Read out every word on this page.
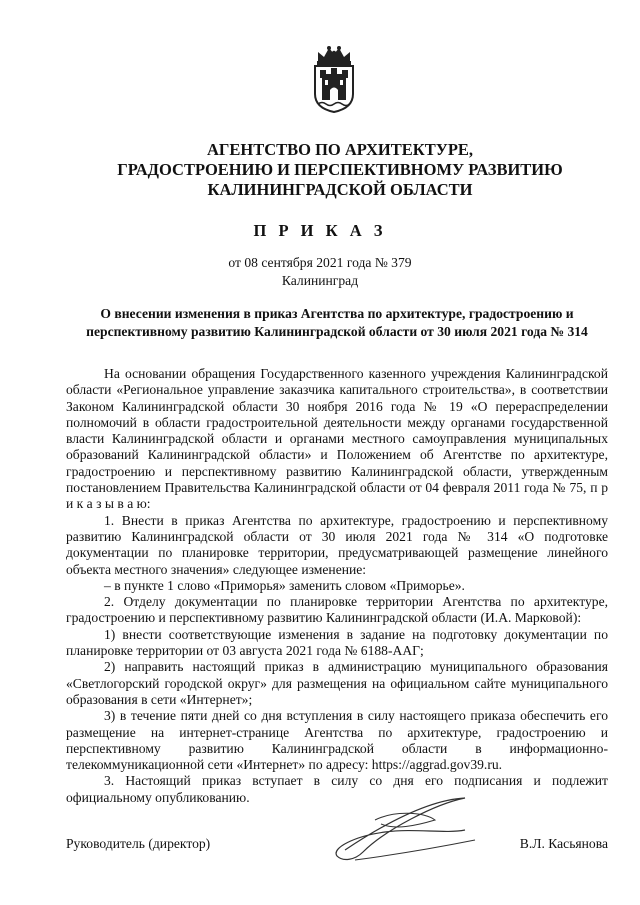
АГЕНТСТВО ПО АРХИТЕКТУРЕ,
ГРАДОСТРОЕНИЮ И ПЕРСПЕКТИВНОМУ РАЗВИТИЮ
КАЛИНИНГРАДСКОЙ ОБЛАСТИ
П Р И К А З
от 08 сентября 2021 года № 379
Калининград
О внесении изменения в приказ Агентства по архитектуре, градостроению и
перспективному развитию Калининградской области от 30 июля 2021 года № 314

На основании обращения Государственного казенного учреждения Калининградской области «Региональное управление заказчика капитального строительства», в соответствии Законом Калининградской области 30 ноября 2016 года № 19 «О перераспределении полномочий в области градостроительной деятельности между органами государственной власти Калининградской области и органами местного самоуправления муниципальных образований Калининградской области» и Положением об Агентстве по архитектуре, градостроению и перспективному развитию Калининградской области, утвержденным постановлением Правительства Калининградской области от 04 февраля 2011 года № 75, п р и к а з ы в а ю:

1. Внести в приказ Агентства по архитектуре, градостроению и перспективному развитию Калининградской области от 30 июля 2021 года № 314 «О подготовке документации по планировке территории, предусматривающей размещение линейного объекта местного значения» следующее изменение:

– в пункте 1 слово «Приморья» заменить словом «Приморье».

2. Отделу документации по планировке территории Агентства по архитектуре, градостроению и перспективному развитию Калининградской области (И.А. Марковой):

1) внести соответствующие изменения в задание на подготовку документации по планировке территории от 03 августа 2021 года № 6188-ААГ;

2) направить настоящий приказ в администрацию муниципального образования «Светлогорский городской округ» для размещения на официальном сайте муниципального образования в сети «Интернет»;

3) в течение пяти дней со дня вступления в силу настоящего приказа обеспечить его размещение на интернет-странице Агентства по архитектуре, градостроению и перспективному развитию Калининградской области в информационно-телекоммуникационной сети «Интернет» по адресу: https://aggrad.gov39.ru.

3. Настоящий приказ вступает в силу со дня его подписания и подлежит официальному опубликованию.

Руководитель (директор)	В.Л. Касьянова
